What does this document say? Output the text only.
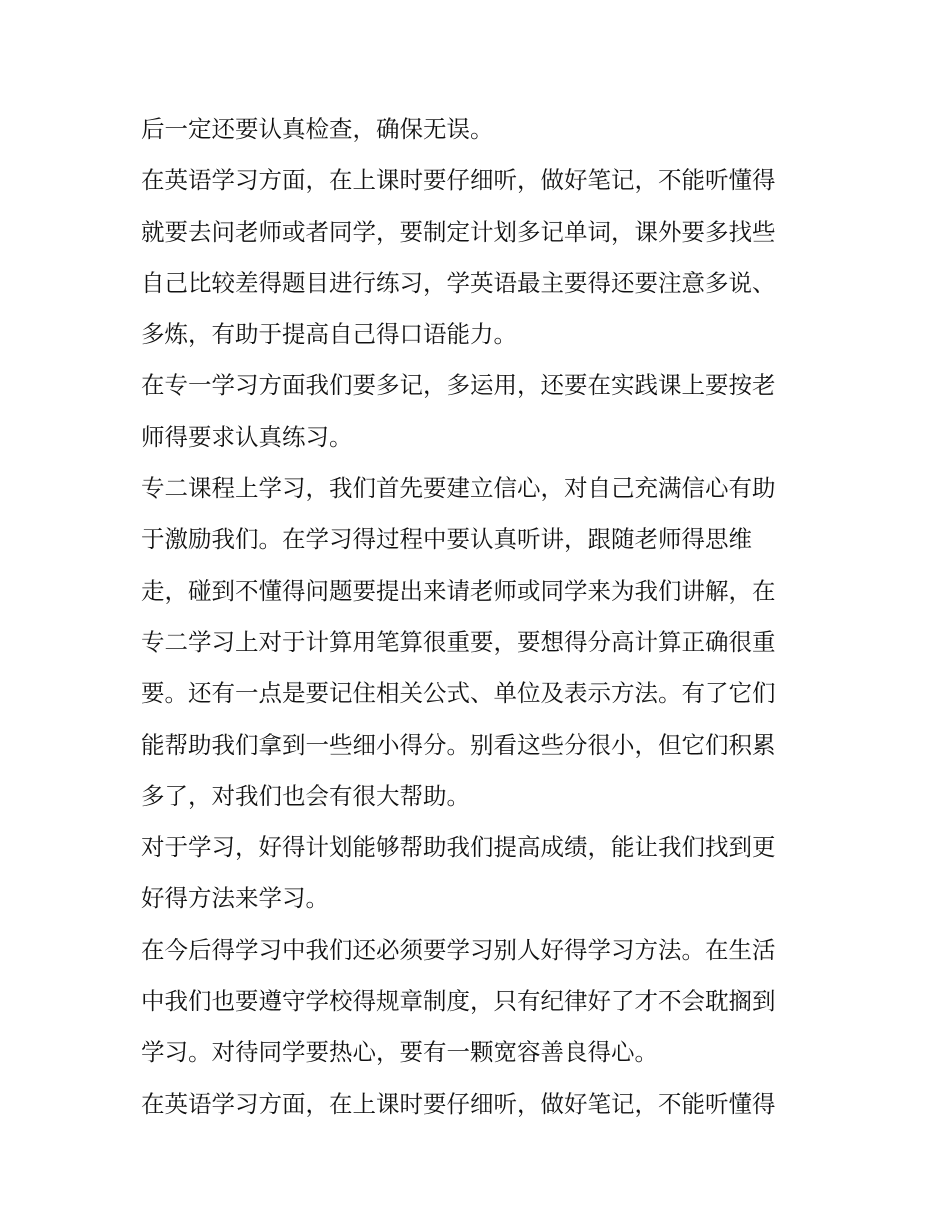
后一定还要认真检查，确保无误。
在英语学习方面，在上课时要仔细听，做好笔记，不能听懂得
就要去问老师或者同学，要制定计划多记单词，课外要多找些
自己比较差得题目进行练习，学英语最主要得还要注意多说、
多炼，有助于提高自己得口语能力。
在专一学习方面我们要多记，多运用，还要在实践课上要按老
师得要求认真练习。
专二课程上学习，我们首先要建立信心，对自己充满信心有助
于激励我们。在学习得过程中要认真听讲，跟随老师得思维
走，碰到不懂得问题要提出来请老师或同学来为我们讲解，在
专二学习上对于计算用笔算很重要，要想得分高计算正确很重
要。还有一点是要记住相关公式、单位及表示方法。有了它们
能帮助我们拿到一些细小得分。别看这些分很小，但它们积累
多了，对我们也会有很大帮助。
对于学习，好得计划能够帮助我们提高成绩，能让我们找到更
好得方法来学习。
在今后得学习中我们还必须要学习别人好得学习方法。在生活
中我们也要遵守学校得规章制度，只有纪律好了才不会耽搁到
学习。对待同学要热心，要有一颗宽容善良得心。
在英语学习方面，在上课时要仔细听，做好笔记，不能听懂得
